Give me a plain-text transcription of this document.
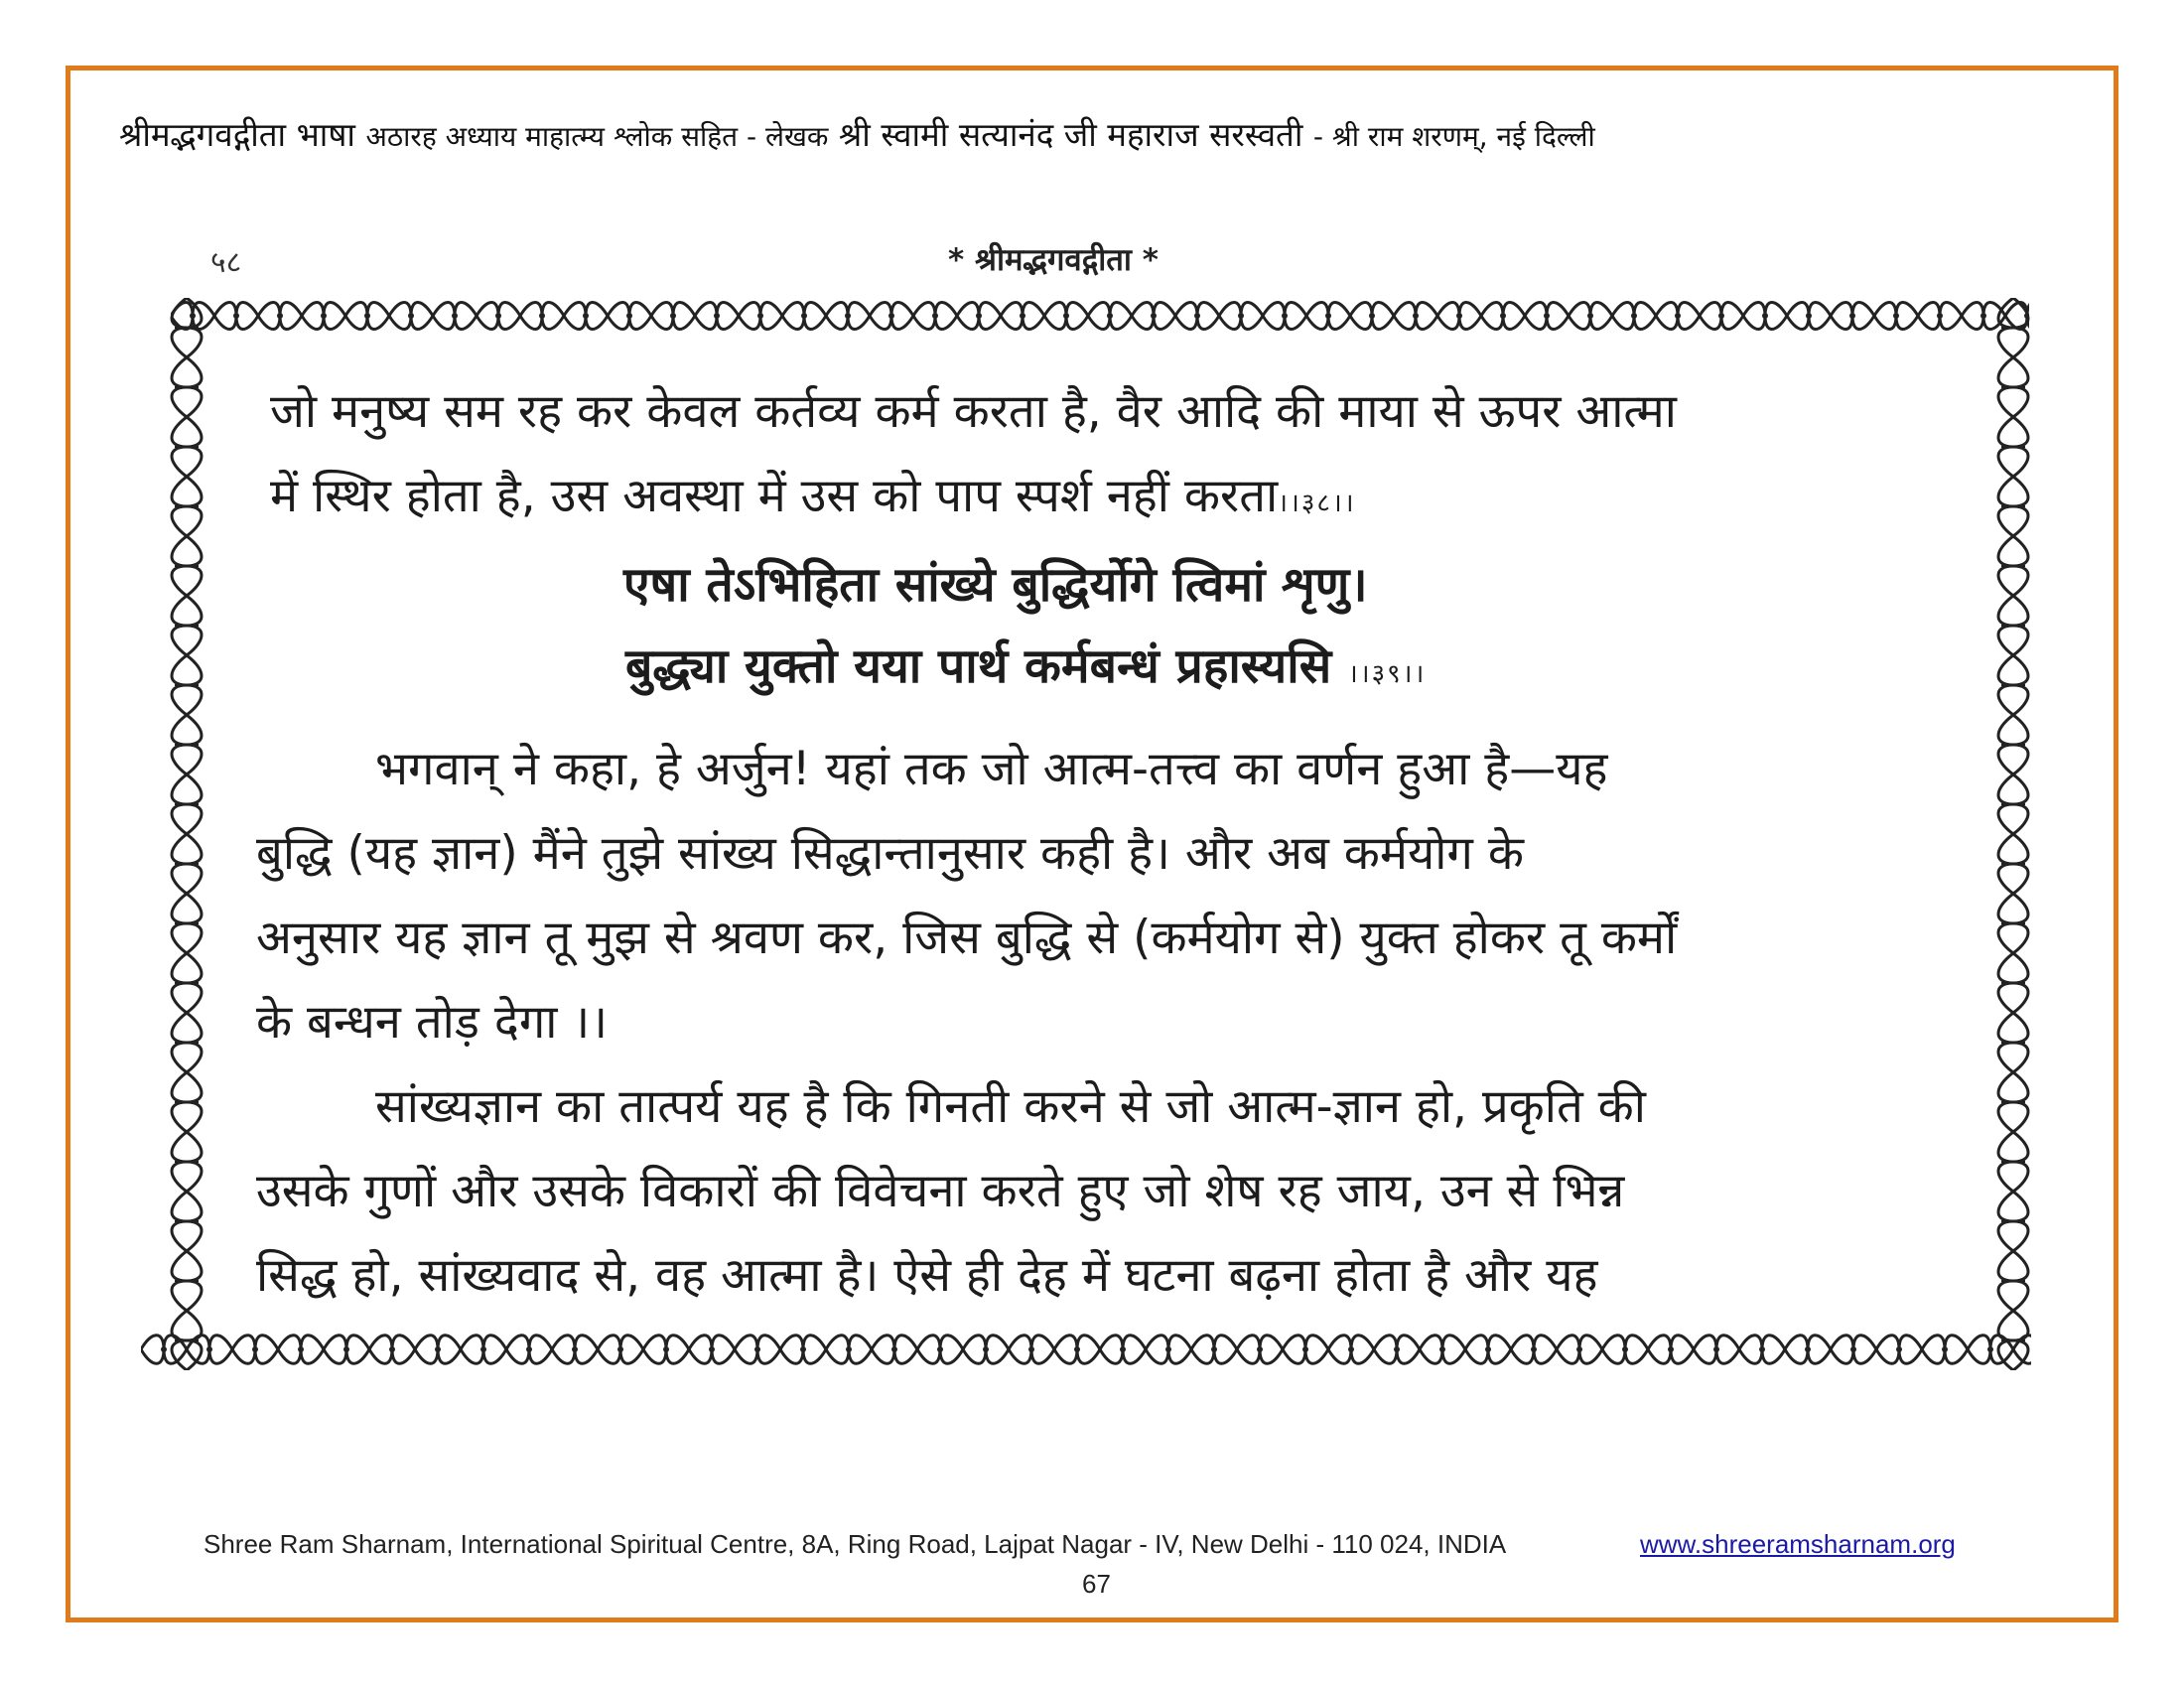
श्रीमद्भगवद्गीता भाषा अठारह अध्याय माहात्म्य श्लोक सहित - लेखक श्री स्वामी सत्यानंद जी महाराज सरस्वती - श्री राम शरणम्, नई दिल्ली
५८	* श्रीमद्भगवद्गीता *
जो मनुष्य सम रह कर केवल कर्तव्य कर्म करता है, वैर आदि की माया से ऊपर आत्मा
में स्थिर होता है, उस अवस्था में उस को पाप स्पर्श नहीं करता।।३८।।
एषा तेऽभिहिता सांख्ये बुद्धिर्योगे त्विमां शृणु।
बुद्ध्या युक्तो यया पार्थ कर्मबन्धं प्रहास्यसि ।।३९।।
भगवान् ने कहा, हे अर्जुन! यहां तक जो आत्म-तत्त्व का वर्णन हुआ है—यह
बुद्धि (यह ज्ञान) मैंने तुझे सांख्य सिद्धान्तानुसार कही है। और अब कर्मयोग के
अनुसार यह ज्ञान तू मुझ से श्रवण कर, जिस बुद्धि से (कर्मयोग से) युक्त होकर तू कर्मों
के बन्धन तोड़ देगा ।।
सांख्यज्ञान का तात्पर्य यह है कि गिनती करने से जो आत्म-ज्ञान हो, प्रकृति की
उसके गुणों और उसके विकारों की विवेचना करते हुए जो शेष रह जाय, उन से भिन्न
सिद्ध हो, सांख्यवाद से, वह आत्मा है। ऐसे ही देह में घटना बढ़ना होता है और यह
Shree Ram Sharnam, International Spiritual Centre, 8A, Ring Road, Lajpat Nagar - IV, New Delhi - 110 024, INDIA	www.shreeramsharnam.org
67
